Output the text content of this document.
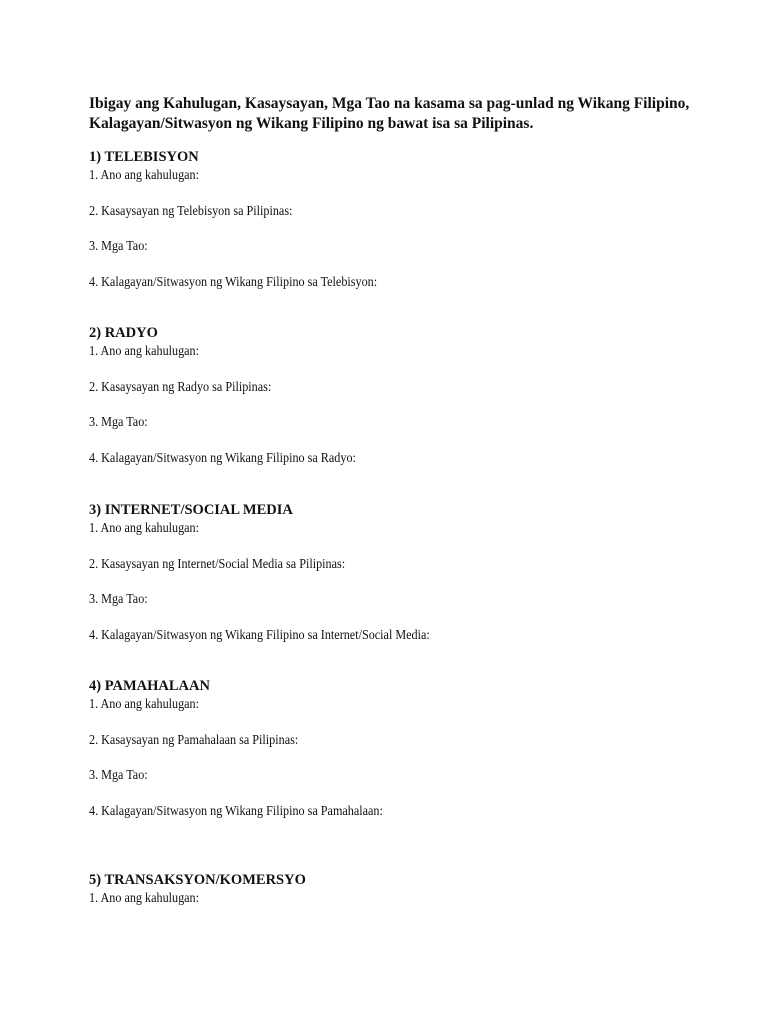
Ibigay ang Kahulugan, Kasaysayan, Mga Tao na kasama sa pag-unlad ng Wikang Filipino,
Kalagayan/Sitwasyon ng Wikang Filipino ng bawat isa sa Pilipinas.
1) TELEBISYON
1. Ano ang kahulugan:
2. Kasaysayan ng Telebisyon sa Pilipinas:
3. Mga Tao:
4. Kalagayan/Sitwasyon ng Wikang Filipino sa Telebisyon:
2) RADYO
1. Ano ang kahulugan:
2. Kasaysayan ng Radyo sa Pilipinas:
3. Mga Tao:
4. Kalagayan/Sitwasyon ng Wikang Filipino sa Radyo:
3) INTERNET/SOCIAL MEDIA
1. Ano ang kahulugan:
2. Kasaysayan ng Internet/Social Media sa Pilipinas:
3. Mga Tao:
4. Kalagayan/Sitwasyon ng Wikang Filipino sa Internet/Social Media:
4) PAMAHALAAN
1. Ano ang kahulugan:
2. Kasaysayan ng Pamahalaan sa Pilipinas:
3. Mga Tao:
4. Kalagayan/Sitwasyon ng Wikang Filipino sa Pamahalaan:
5) TRANSAKSYON/KOMERSYO
1. Ano ang kahulugan:
